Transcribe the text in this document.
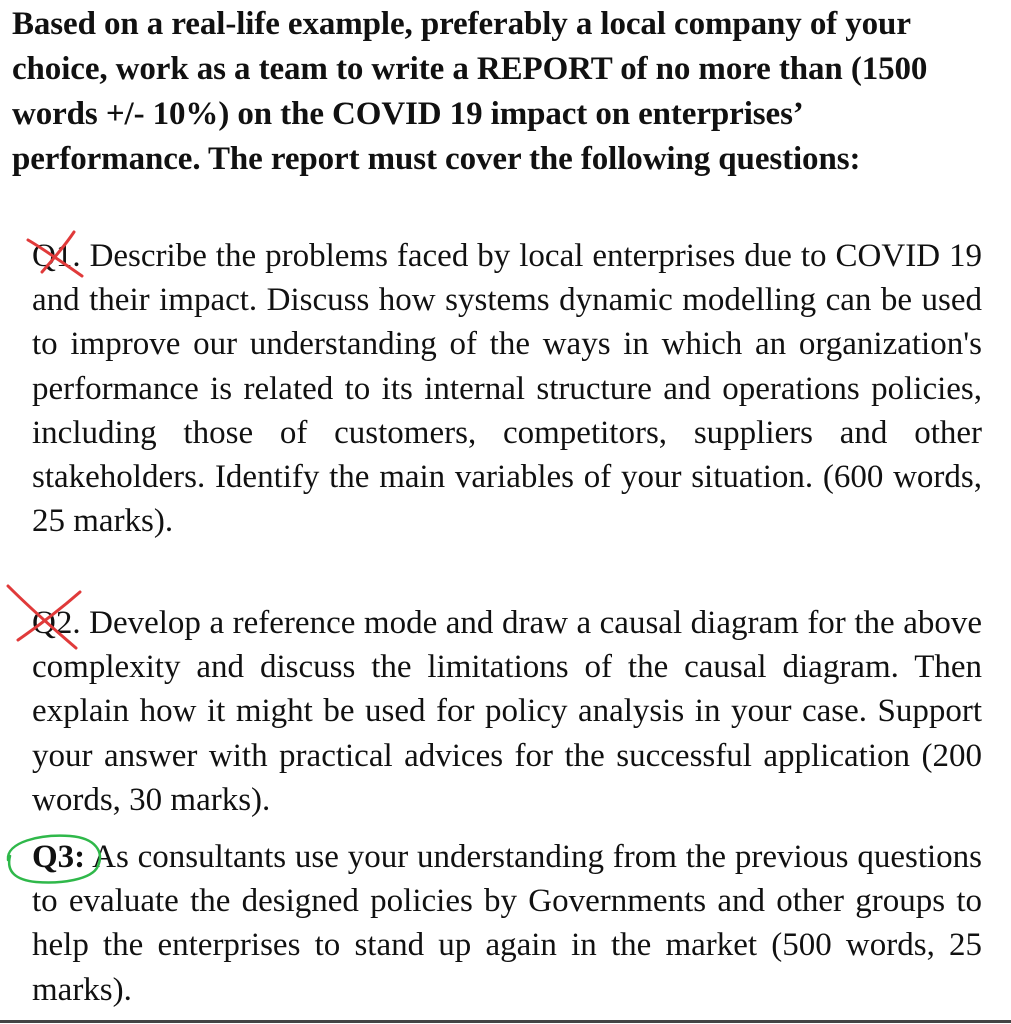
Based on a real-life example, preferably a local company of your choice, work as a team to write a REPORT of no more than (1500 words +/- 10%) on the COVID 19 impact on enterprises’ performance. The report must cover the following questions:

Q1. Describe the problems faced by local enterprises due to COVID 19 and their impact. Discuss how systems dynamic modelling can be used to improve our understanding of the ways in which an organization's performance is related to its internal structure and operations policies, including those of customers, competitors, suppliers and other stakeholders. Identify the main variables of your situation. (600 words, 25 marks).

Q2. Develop a reference mode and draw a causal diagram for the above complexity and discuss the limitations of the causal diagram. Then explain how it might be used for policy analysis in your case. Support your answer with practical advices for the successful application (200 words, 30 marks).

Q3: As consultants use your understanding from the previous questions to evaluate the designed policies by Governments and other groups to help the enterprises to stand up again in the market (500 words, 25 marks).
